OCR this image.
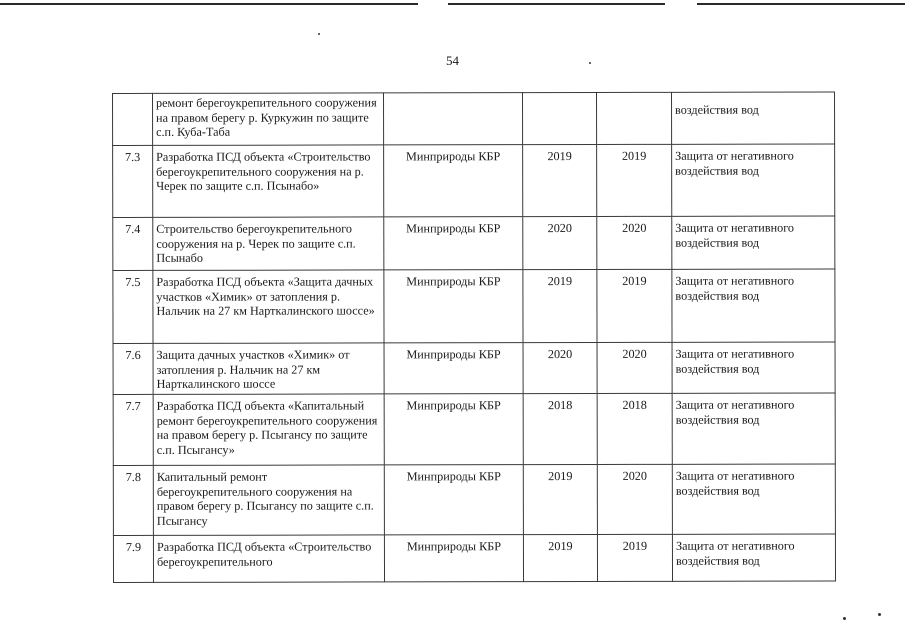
54
	ремонт берегоукрепительного сооружения на правом берегу р. Куркужин по защите с.п. Куба-Таба				воздействия вод
7.3	Разработка ПСД объекта «Строительство берегоукрепительного сооружения на р. Черек по защите с.п. Псынабо»	Минприроды КБР	2019	2019	Защита от негативного воздействия вод
7.4	Строительство берегоукрепительного сооружения на р. Черек по защите с.п. Псынабо	Минприроды КБР	2020	2020	Защита от негативного воздействия вод
7.5	Разработка ПСД объекта «Защита дачных участков «Химик» от затопления р. Нальчик на 27 км Нарткалинского шоссе»	Минприроды КБР	2019	2019	Защита от негативного воздействия вод
7.6	Защита дачных участков «Химик» от затопления р. Нальчик на 27 км Нарткалинского шоссе	Минприроды КБР	2020	2020	Защита от негативного воздействия вод
7.7	Разработка ПСД объекта «Капитальный ремонт берегоукрепительного сооружения на правом берегу р. Псыгансу по защите с.п. Псыгансу»	Минприроды КБР	2018	2018	Защита от негативного воздействия вод
7.8	Капитальный ремонт берегоукрепительного сооружения на правом берегу р. Псыгансу по защите с.п. Псыгансу	Минприроды КБР	2019	2020	Защита от негативного воздействия вод
7.9	Разработка ПСД объекта «Строительство берегоукрепительного	Минприроды КБР	2019	2019	Защита от негативного воздействия вод
